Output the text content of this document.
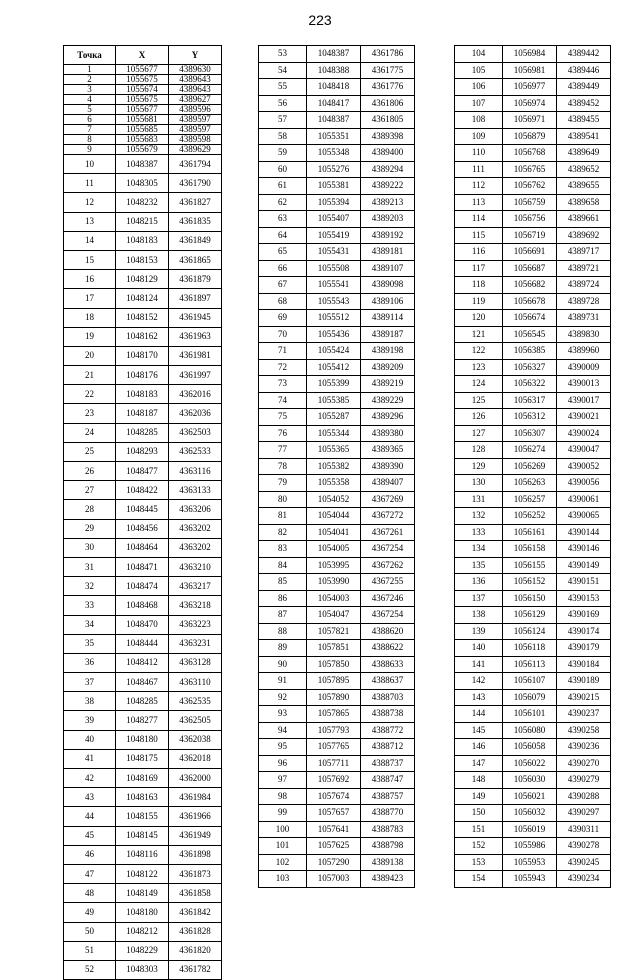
223
Точка	X	Y
1	1055677	4389630
2	1055675	4389643
3	1055674	4389643
4	1055675	4389627
5	1055677	4389596
6	1055681	4389597
7	1055685	4389597
8	1055683	4389598
9	1055679	4389629
10	1048387	4361794
11	1048305	4361790
12	1048232	4361827
13	1048215	4361835
14	1048183	4361849
15	1048153	4361865
16	1048129	4361879
17	1048124	4361897
18	1048152	4361945
19	1048162	4361963
20	1048170	4361981
21	1048176	4361997
22	1048183	4362016
23	1048187	4362036
24	1048285	4362503
25	1048293	4362533
26	1048477	4363116
27	1048422	4363133
28	1048445	4363206
29	1048456	4363202
30	1048464	4363202
31	1048471	4363210
32	1048474	4363217
33	1048468	4363218
34	1048470	4363223
35	1048444	4363231
36	1048412	4363128
37	1048467	4363110
38	1048285	4362535
39	1048277	4362505
40	1048180	4362038
41	1048175	4362018
42	1048169	4362000
43	1048163	4361984
44	1048155	4361966
45	1048145	4361949
46	1048116	4361898
47	1048122	4361873
48	1048149	4361858
49	1048180	4361842
50	1048212	4361828
51	1048229	4361820
52	1048303	4361782
53	1048387	4361786
54	1048388	4361775
55	1048418	4361776
56	1048417	4361806
57	1048387	4361805
58	1055351	4389398
59	1055348	4389400
60	1055276	4389294
61	1055381	4389222
62	1055394	4389213
63	1055407	4389203
64	1055419	4389192
65	1055431	4389181
66	1055508	4389107
67	1055541	4389098
68	1055543	4389106
69	1055512	4389114
70	1055436	4389187
71	1055424	4389198
72	1055412	4389209
73	1055399	4389219
74	1055385	4389229
75	1055287	4389296
76	1055344	4389380
77	1055365	4389365
78	1055382	4389390
79	1055358	4389407
80	1054052	4367269
81	1054044	4367272
82	1054041	4367261
83	1054005	4367254
84	1053995	4367262
85	1053990	4367255
86	1054003	4367246
87	1054047	4367254
88	1057821	4388620
89	1057851	4388622
90	1057850	4388633
91	1057895	4388637
92	1057890	4388703
93	1057865	4388738
94	1057793	4388772
95	1057765	4388712
96	1057711	4388737
97	1057692	4388747
98	1057674	4388757
99	1057657	4388770
100	1057641	4388783
101	1057625	4388798
102	1057290	4389138
103	1057003	4389423
104	1056984	4389442
105	1056981	4389446
106	1056977	4389449
107	1056974	4389452
108	1056971	4389455
109	1056879	4389541
110	1056768	4389649
111	1056765	4389652
112	1056762	4389655
113	1056759	4389658
114	1056756	4389661
115	1056719	4389692
116	1056691	4389717
117	1056687	4389721
118	1056682	4389724
119	1056678	4389728
120	1056674	4389731
121	1056545	4389830
122	1056385	4389960
123	1056327	4390009
124	1056322	4390013
125	1056317	4390017
126	1056312	4390021
127	1056307	4390024
128	1056274	4390047
129	1056269	4390052
130	1056263	4390056
131	1056257	4390061
132	1056252	4390065
133	1056161	4390144
134	1056158	4390146
135	1056155	4390149
136	1056152	4390151
137	1056150	4390153
138	1056129	4390169
139	1056124	4390174
140	1056118	4390179
141	1056113	4390184
142	1056107	4390189
143	1056079	4390215
144	1056101	4390237
145	1056080	4390258
146	1056058	4390236
147	1056022	4390270
148	1056030	4390279
149	1056021	4390288
150	1056032	4390297
151	1056019	4390311
152	1055986	4390278
153	1055953	4390245
154	1055943	4390234
